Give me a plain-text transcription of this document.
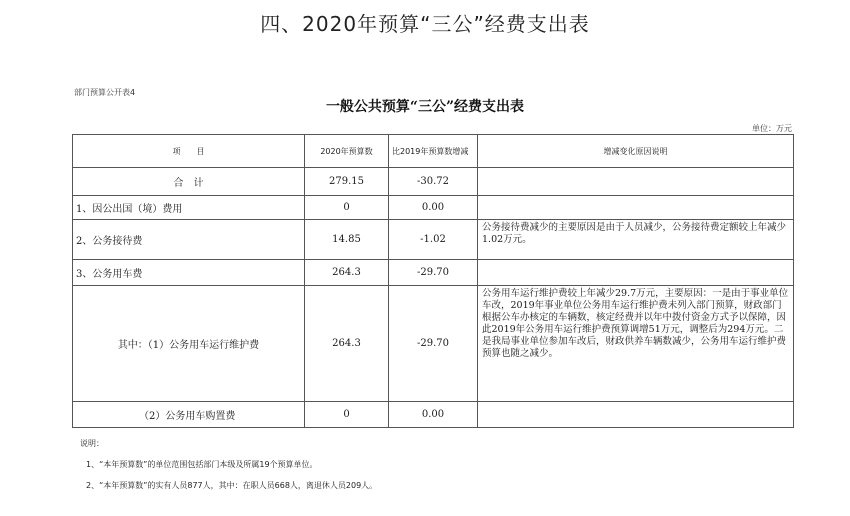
四、2020年预算“三公”经费支出表
部门预算公开表4
一般公共预算“三公”经费支出表
单位：万元
项　　目	2020年预算数	比2019年预算数增减	增减变化原因说明
合　计	279.15	-30.72	
1、因公出国（境）费用	0	0.00	
2、公务接待费	14.85	-1.02	公务接待费减少的主要原因是由于人员减少，公务接待费定额较上年减少1.02万元。
3、公务用车费	264.3	-29.70	
其中：（1）公务用车运行维护费	264.3	-29.70	公务用车运行维护费较上年减少29.7万元，主要原因：一是由于事业单位车改，2019年事业单位公务用车运行维护费未列入部门预算，财政部门根据公车办核定的车辆数，核定经费并以年中拨付资金方式予以保障，因此2019年公务用车运行维护费预算调增51万元，调整后为294万元。二是我局事业单位参加车改后，财政供养车辆数减少，公务用车运行维护费预算也随之减少。
（2）公务用车购置费	0	0.00	
说明：
1、“本年预算数”的单位范围包括部门本级及所属19个预算单位。
2、“本年预算数”的实有人员877人，其中：在职人员668人，离退休人员209人。
